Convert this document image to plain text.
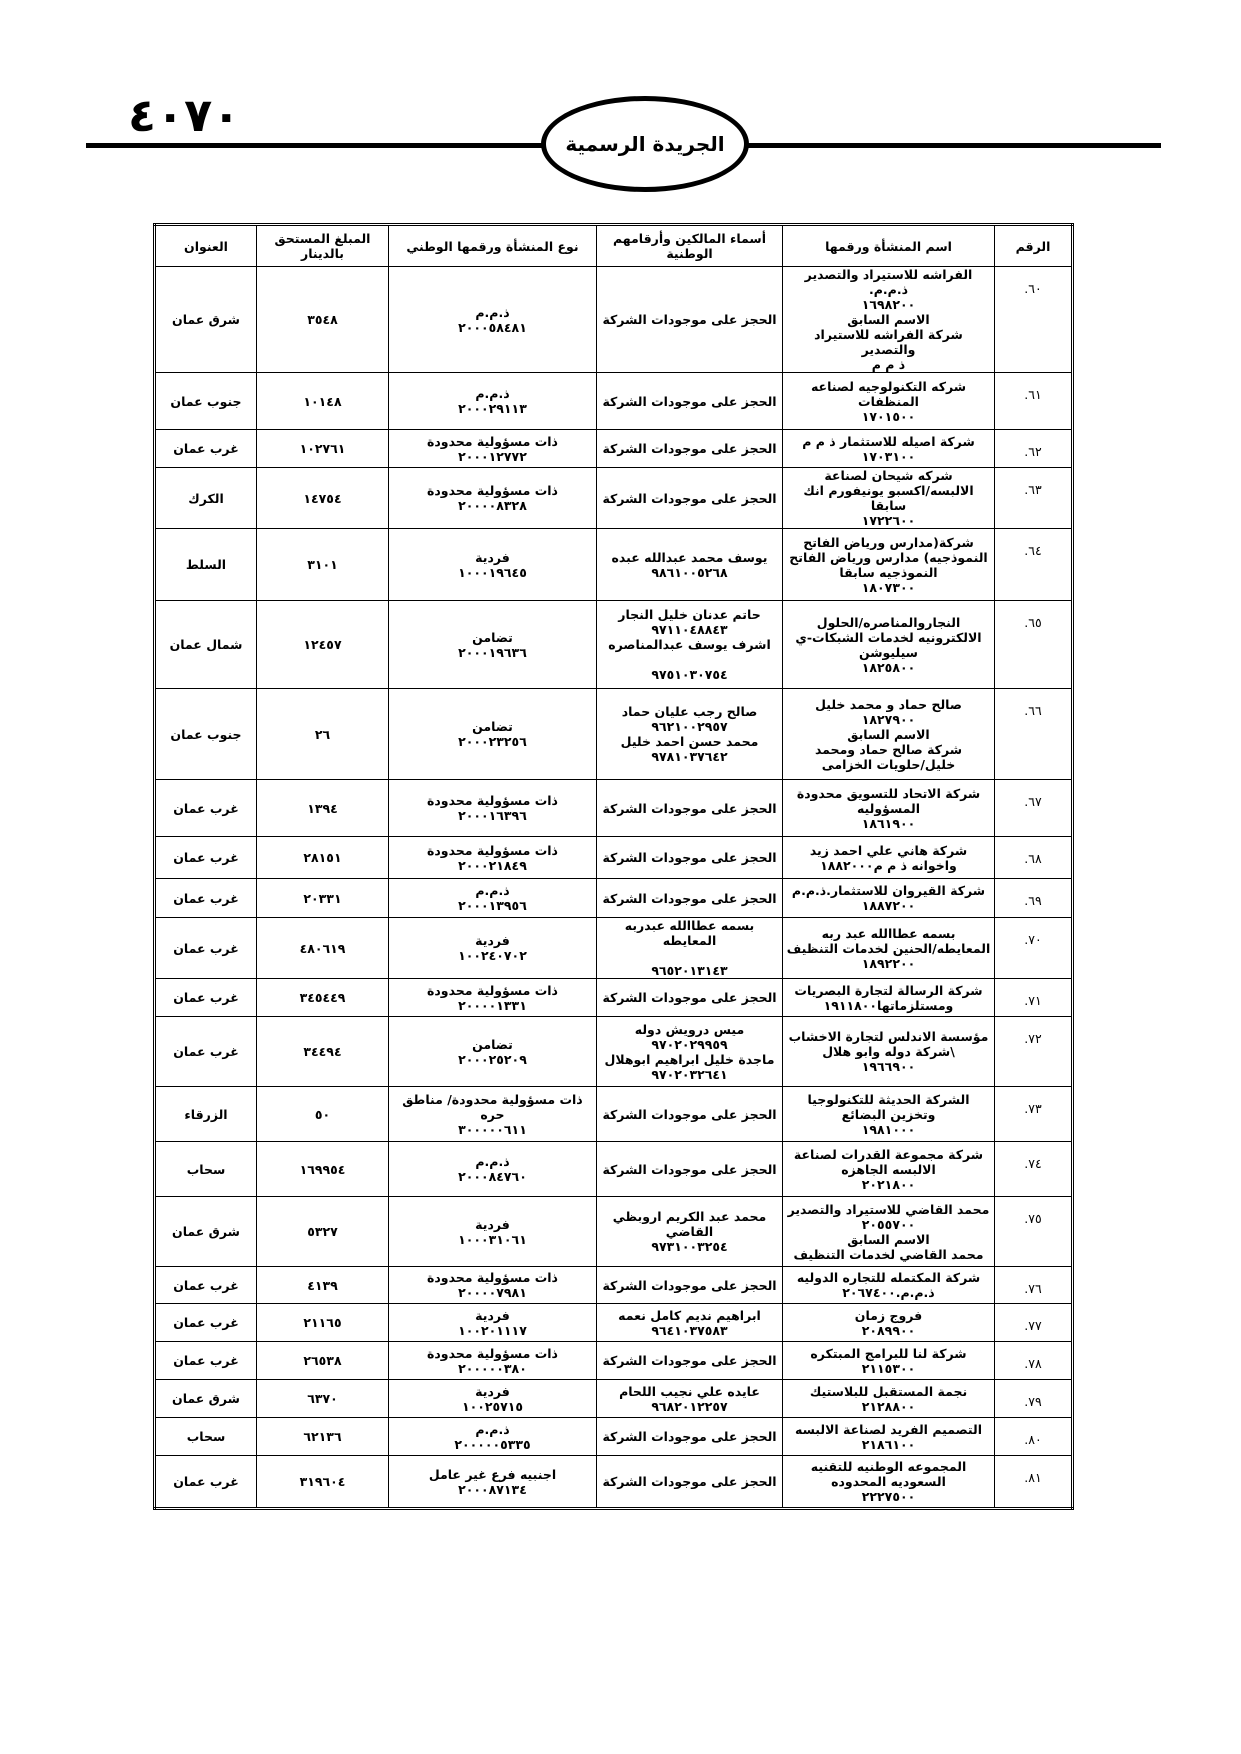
٤٠٧٠
الجريدة الرسمية
الرقم	اسم المنشأة ورقمها	أسماء المالكين وأرقامهم الوطنية	نوع المنشأة ورقمها الوطني	المبلغ المستحق بالدينار	العنوان
٦٠.	الفراشه للاستيراد والتصدير ذ.م.م.
١٦٩٨٢٠٠
الاسم السابق
شركة الفراشه للاستيراد والتصدير
ذ م م	الحجز على موجودات الشركة	ذ.م.م
٢٠٠٠٥٨٤٨١	٣٥٤٨	شرق عمان
٦١.	شركه التكنولوجيه لصناعه
المنظفات
١٧٠١٥٠٠	الحجز على موجودات الشركة	ذ.م.م
٢٠٠٠٢٩١١٣	١٠١٤٨	جنوب عمان
٦٢.	شركة اصيله للاستثمار ذ م م
١٧٠٣١٠٠	الحجز على موجودات الشركة	ذات مسؤولية محدودة
٢٠٠٠١٢٧٧٢	١٠٢٧٦١	غرب عمان
٦٣.	شركه شيحان لصناعة
الالبسه/اكسبو يونيفورم انك سابقا
١٧٢٢٦٠٠	الحجز على موجودات الشركة	ذات مسؤولية محدودة
٢٠٠٠٠٨٣٢٨	١٤٧٥٤	الكرك
٦٤.	شركة(مدارس ورياض الفاتح
النموذجيه) مدارس ورياض الفاتح
النموذجيه سابقا
١٨٠٧٣٠٠	يوسف محمد عبدالله عبده
٩٨٦١٠٠٥٢٦٨	فردية
١٠٠٠١٩٦٤٥	٣١٠١	السلط
٦٥.	النجاروالمناصره/الحلول
الالكترونيه لخدمات الشبكات-ي
سيليوشن
١٨٢٥٨٠٠	حاتم عدنان خليل النجار
٩٧١١٠٤٨٨٤٣
اشرف يوسف عبدالمناصره

٩٧٥١٠٣٠٧٥٤	تضامن
٢٠٠٠١٩٦٣٦	١٢٤٥٧	شمال عمان
٦٦.	صالح حماد و محمد خليل
١٨٢٧٩٠٠
الاسم السابق
شركة صالح حماد ومحمد
خليل/حلويات الخزامى	صالح رجب عليان حماد
٩٦٢١٠٠٢٩٥٧
محمد حسن احمد خليل
٩٧٨١٠٣٧٦٤٢	تضامن
٢٠٠٠٢٣٢٥٦	٢٦	جنوب عمان
٦٧.	شركة الاتحاد للتسويق محدودة
المسؤوليه
١٨٦١٩٠٠	الحجز على موجودات الشركة	ذات مسؤولية محدودة
٢٠٠٠١٦٣٩٦	١٣٩٤	غرب عمان
٦٨.	شركة هاني علي احمد زيد
واخوانه ذ م م١٨٨٢٠٠٠	الحجز على موجودات الشركة	ذات مسؤولية محدودة
٢٠٠٠٢١٨٤٩	٢٨١٥١	غرب عمان
٦٩.	شركة القيروان للاستثمار.ذ.م.م
١٨٨٧٢٠٠	الحجز على موجودات الشركة	ذ.م.م
٢٠٠٠١٣٩٥٦	٢٠٣٣١	غرب عمان
٧٠.	بسمه عطاالله عبد ربه
المعايطه/الحنين لخدمات التنظيف
١٨٩٢٢٠٠	بسمه عطاالله عبدربه المعايطه

٩٦٥٢٠١٣١٤٣	فردية
١٠٠٢٤٠٧٠٢	٤٨٠٦١٩	غرب عمان
٧١.	شركة الرسالة لتجارة البصريات
ومستلزماتها١٩١١٨٠٠	الحجز على موجودات الشركة	ذات مسؤولية محدودة
٢٠٠٠٠١٣٣١	٣٤٥٤٤٩	غرب عمان
٧٢.	مؤسسة الاندلس لتجارة الاخشاب
\شركة دوله وابو هلال
١٩٦٦٩٠٠	ميس درويش دوله
٩٧٠٢٠٢٩٩٥٩
ماجدة خليل ابراهيم ابوهلال
٩٧٠٢٠٣٢٦٤١	تضامن
٢٠٠٠٢٥٢٠٩	٣٤٤٩٤	غرب عمان
٧٣.	الشركة الحديثة للتكنولوجيا
وتخزين البضائع
١٩٨١٠٠٠	الحجز على موجودات الشركة	ذات مسؤولية محدودة/ مناطق
حره
٣٠٠٠٠٠٦١١	٥٠	الزرقاء
٧٤.	شركة مجموعة القدرات لصناعة
الالبسه الجاهزه
٢٠٢١٨٠٠	الحجز على موجودات الشركة	ذ.م.م
٢٠٠٠٨٤٧٦٠	١٦٩٩٥٤	سحاب
٧٥.	محمد القاضي للاستيراد والتصدير
٢٠٥٥٧٠٠
الاسم السابق
محمد القاضي لخدمات التنظيف	محمد عبد الكريم اروبظي
القاضي
٩٧٣١٠٠٣٢٥٤	فردية
١٠٠٠٣١٠٦١	٥٣٢٧	شرق عمان
٧٦.	شركة المكتمله للتجاره الدوليه
ذ.م.م.٢٠٦٧٤٠٠	الحجز على موجودات الشركة	ذات مسؤولية محدودة
٢٠٠٠٠٧٩٨١	٤١٣٩	غرب عمان
٧٧.	فروج زمان
٢٠٨٩٩٠٠	ابراهيم نديم كامل نعمه
٩٦٤١٠٣٧٥٨٣	فردية
١٠٠٢٠١١١٧	٢١١٦٥	غرب عمان
٧٨.	شركة لنا للبرامج المبتكره
٢١١٥٣٠٠	الحجز على موجودات الشركة	ذات مسؤولية محدودة
٢٠٠٠٠٠٣٨٠	٢٦٥٣٨	غرب عمان
٧٩.	نجمة المستقبل للبلاستيك
٢١٢٨٨٠٠	عايده علي نجيب اللحام
٩٦٨٢٠١٢٢٥٧	فردية
١٠٠٢٥٧١٥	٦٣٧٠	شرق عمان
٨٠.	التصميم الفريد لصناعة الالبسه
٢١٨٦١٠٠	الحجز على موجودات الشركة	ذ.م.م
٢٠٠٠٠٠٥٣٣٥	٦٢١٣٦	سحاب
٨١.	المجموعه الوطنيه للتقنيه
السعوديه المحدوده
٢٢٢٧٥٠٠	الحجز على موجودات الشركة	اجنبيه فرع غير عامل
٢٠٠٠٨٧١٣٤	٣١٩٦٠٤	غرب عمان
